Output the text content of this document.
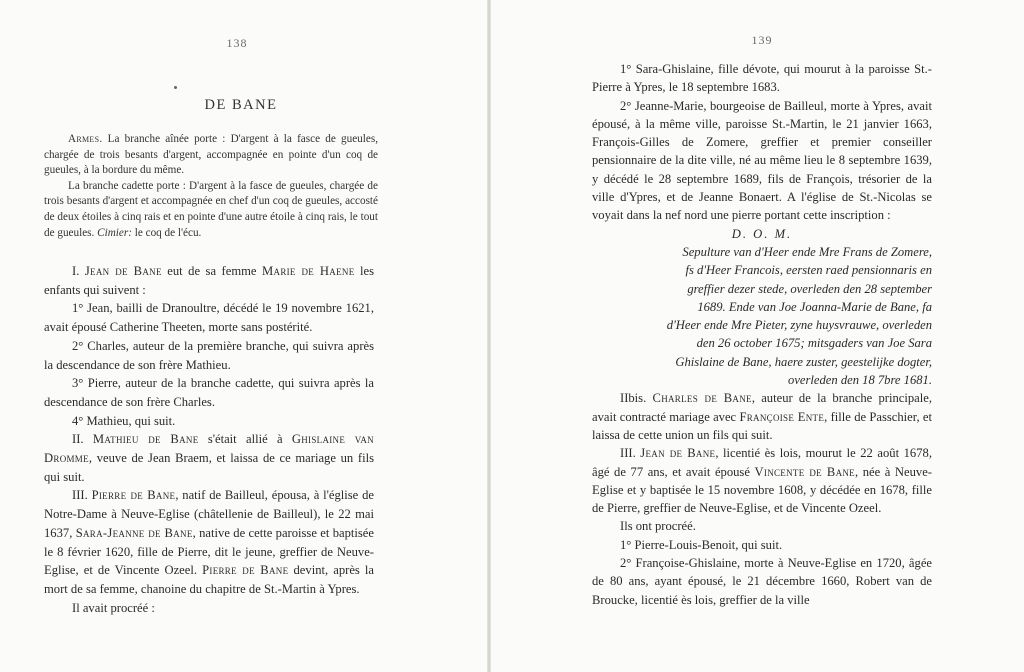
138
DE BANE

Armes. La branche aînée porte : D'argent à la fasce de gueules, chargée de trois besants d'argent, accompagnée en pointe d'un coq de gueules, à la bordure du même.

La branche cadette porte : D'argent à la fasce de gueules, chargée de trois besants d'argent et accompagnée en chef d'un coq de gueules, accosté de deux étoiles à cinq rais et en pointe d'une autre étoile à cinq rais, le tout de gueules. Cimier: le coq de l'écu.

I. Jean de Bane eut de sa femme Marie de Haene les enfants qui suivent :

1° Jean, bailli de Dranoultre, décédé le 19 novembre 1621, avait épousé Catherine Theeten, morte sans postérité.

2° Charles, auteur de la première branche, qui suivra après la descendance de son frère Mathieu.

3° Pierre, auteur de la branche cadette, qui suivra après la descendance de son frère Charles.

4° Mathieu, qui suit.

II. Mathieu de Bane s'était allié à Ghislaine van Dromme, veuve de Jean Braem, et laissa de ce mariage un fils qui suit.

III. Pierre de Bane, natif de Bailleul, épousa, à l'église de Notre-Dame à Neuve-Eglise (châtellenie de Bailleul), le 22 mai 1637, Sara-Jeanne de Bane, native de cette paroisse et baptisée le 8 février 1620, fille de Pierre, dit le jeune, greffier de Neuve-Eglise, et de Vincente Ozeel. Pierre de Bane devint, après la mort de sa femme, chanoine du chapitre de St.-Martin à Ypres.

Il avait procréé :

139

1° Sara-Ghislaine, fille dévote, qui mourut à la paroisse St.-Pierre à Ypres, le 18 septembre 1683.

2° Jeanne-Marie, bourgeoise de Bailleul, morte à Ypres, avait épousé, à la même ville, paroisse St.-Martin, le 21 janvier 1663, François-Gilles de Zomere, greffier et premier conseiller pensionnaire de la dite ville, né au même lieu le 8 septembre 1639, y décédé le 28 septembre 1689, fils de François, trésorier de la ville d'Ypres, et de Jeanne Bonaert. A l'église de St.-Nicolas se voyait dans la nef nord une pierre portant cette inscription :

D. O. M.

Sepulture van d'Heer ende Mre Frans de Zomere,
fs d'Heer Francois, eersten raed pensionnaris en
greffier dezer stede, overleden den 28 september
1689. Ende van Joe Joanna-Marie de Bane, fa
d'Heer ende Mre Pieter, zyne huysvrauwe, overleden
den 26 october 1675; mitsgaders van Joe Sara
Ghislaine de Bane, haere zuster, geestelijke dogter,
overleden den 18 7bre 1681.

IIbis. Charles de Bane, auteur de la branche principale, avait contracté mariage avec Françoise Ente, fille de Passchier, et laissa de cette union un fils qui suit.

III. Jean de Bane, licentié ès lois, mourut le 22 août 1678, âgé de 77 ans, et avait épousé Vincente de Bane, née à Neuve-Eglise et y baptisée le 15 novembre 1608, y décédée en 1678, fille de Pierre, greffier de Neuve-Eglise, et de Vincente Ozeel.

Ils ont procréé.

1° Pierre-Louis-Benoit, qui suit.

2° Françoise-Ghislaine, morte à Neuve-Eglise en 1720, âgée de 80 ans, ayant épousé, le 21 décembre 1660, Robert van de Broucke, licentié ès lois, greffier de la ville
